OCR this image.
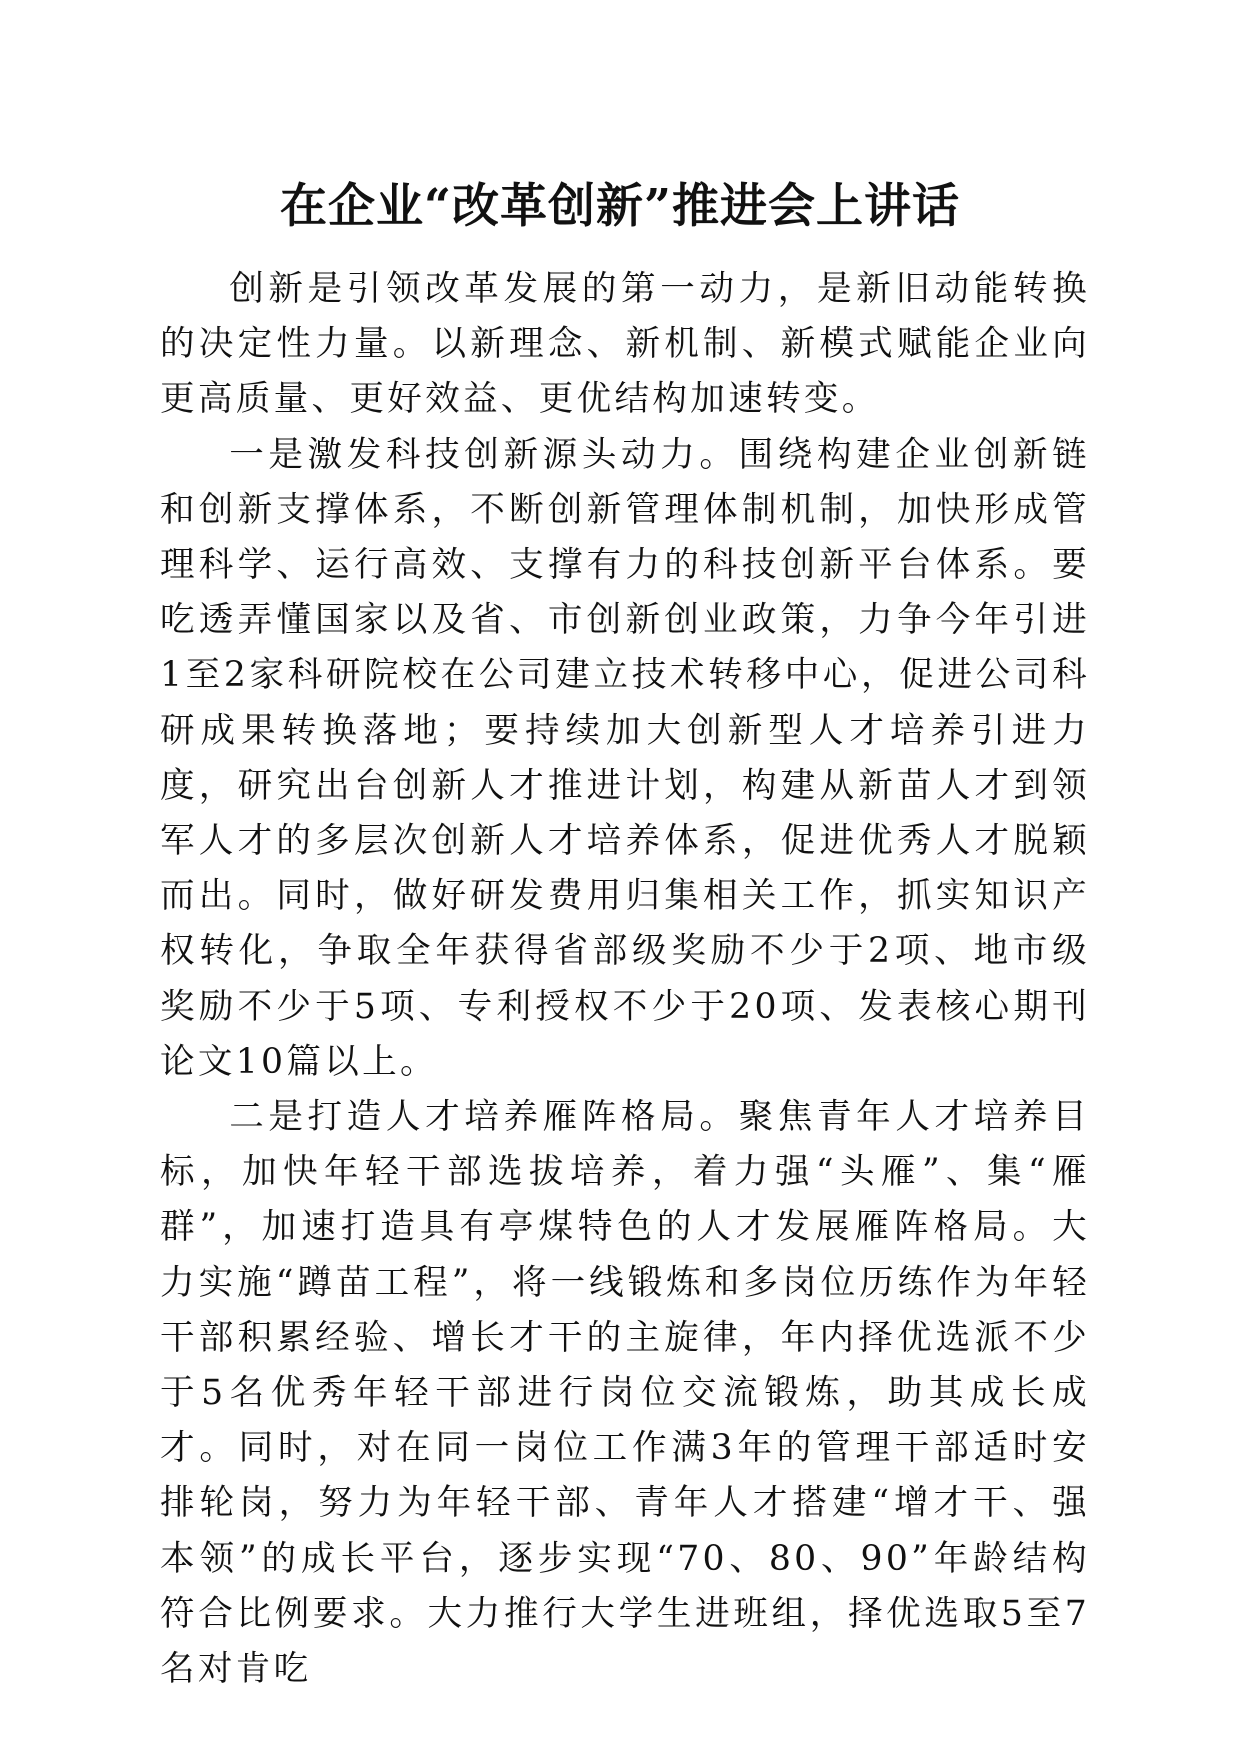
在企业“改革创新”推进会上讲话

创新是引领改革发展的第一动力，是新旧动能转换的决定性力量。以新理念、新机制、新模式赋能企业向更高质量、更好效益、更优结构加速转变。

一是激发科技创新源头动力。围绕构建企业创新链和创新支撑体系，不断创新管理体制机制，加快形成管理科学、运行高效、支撑有力的科技创新平台体系。要吃透弄懂国家以及省、市创新创业政策，力争今年引进1至2家科研院校在公司建立技术转移中心，促进公司科研成果转换落地；要持续加大创新型人才培养引进力度，研究出台创新人才推进计划，构建从新苗人才到领军人才的多层次创新人才培养体系，促进优秀人才脱颖而出。同时，做好研发费用归集相关工作，抓实知识产权转化，争取全年获得省部级奖励不少于2项、地市级奖励不少于5项、专利授权不少于20项、发表核心期刊论文10篇以上。

二是打造人才培养雁阵格局。聚焦青年人才培养目标，加快年轻干部选拔培养，着力强“头雁”、集“雁群”，加速打造具有亭煤特色的人才发展雁阵格局。大力实施“蹲苗工程”，将一线锻炼和多岗位历练作为年轻干部积累经验、增长才干的主旋律，年内择优选派不少于5名优秀年轻干部进行岗位交流锻炼，助其成长成才。同时，对在同一岗位工作满3年的管理干部适时安排轮岗，努力为年轻干部、青年人才搭建“增才干、强本领”的成长平台，逐步实现“70、80、90”年龄结构符合比例要求。大力推行大学生进班组，择优选取5至7名对肯吃
